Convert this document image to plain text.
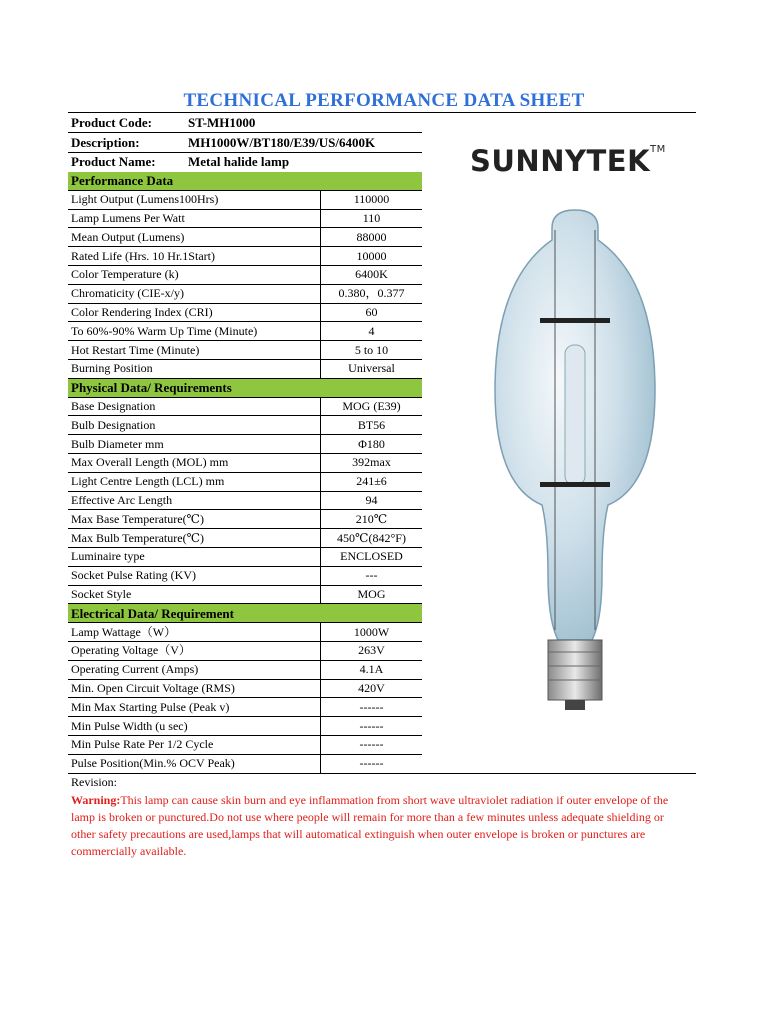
TECHNICAL PERFORMANCE DATA SHEET
Product Code:	ST-MH1000
Description:	MH1000W/BT180/E39/US/6400K
Product Name: Metal halide lamp
Performance Data	
Light Output (Lumens100Hrs)	110000
Lamp Lumens Per Watt	110
Mean Output (Lumens)	88000
Rated Life (Hrs. 10 Hr.1Start)	10000
Color Temperature (k)	6400K
Chromaticity (CIE-x/y)	0.380，0.377
Color Rendering Index (CRI)	60
To 60%-90% Warm Up Time (Minute)	4
Hot Restart Time (Minute)	5 to 10
Burning Position	Universal
Physical Data/ Requirements	
Base Designation	MOG (E39)
Bulb Designation	BT56
Bulb Diameter mm	Φ180
Max Overall Length (MOL) mm	392max
Light Centre Length (LCL) mm	241±6
Effective Arc Length	94
Max Base Temperature(℃)	210℃
Max Bulb Temperature(℃)	450℃(842°F)
Luminaire type	ENCLOSED
Socket Pulse Rating (KV)	---
Socket Style	MOG
Electrical Data/ Requirement	
Lamp Wattage（W）	1000W
Operating Voltage（V）	263V
Operating Current (Amps)	4.1A
Min. Open Circuit Voltage (RMS)	420V
Min Max Starting Pulse (Peak v)	------
Min Pulse Width (u sec)	------
Min Pulse Rate Per 1/2 Cycle	------
Pulse Position(Min.% OCV Peak)	------
Revision:
Warning:This lamp can cause skin burn and eye inflammation from short wave ultraviolet radiation if outer envelope of the lamp is broken or punctured.Do not use where people will remain for more than a few minutes unless adequate shielding or other safety precautions are used,lamps that will automatical extinguish when outer envelope is broken or punctures are commercially available.
SUNNYTEK™
